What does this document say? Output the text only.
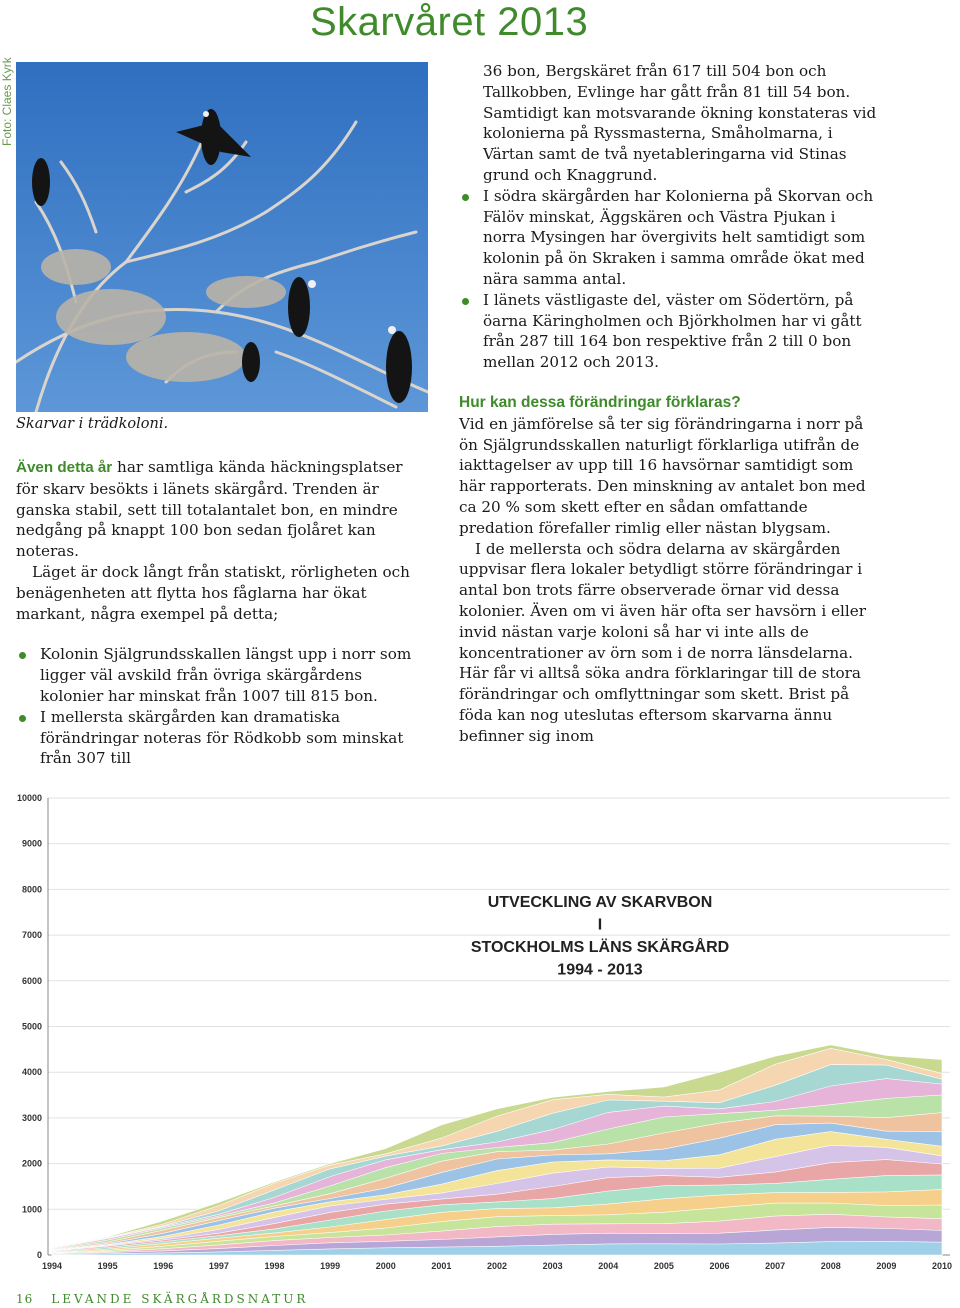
Skarvåret 2013
Foto: Claes Kyrk
Skarvar i trädkoloni.

Även detta år har samtliga kända häckningsplatser för skarv besökts i länets skärgård. Trenden är ganska stabil, sett till totalantalet bon, en mindre nedgång på knappt 100 bon sedan fjolåret kan noteras.

Läget är dock långt från statiskt, rörligheten och benägenheten att flytta hos fåglarna har ökat markant, några exempel på detta;

Kolonin Själgrundsskallen längst upp i norr som ligger väl avskild från övriga skärgårdens kolonier har minskat från 1007 till 815 bon.
I mellersta skärgården kan dramatiska förändringar noteras för Rödkobb som minskat från 307 till

36 bon, Bergskäret från 617 till 504 bon och Tallkobben, Evlinge har gått från 81 till 54 bon. Samtidigt kan motsvarande ökning konstateras vid kolonierna på Ryssmasterna, Småholmarna, i Värtan samt de två nyetableringarna vid Stinas grund och Knaggrund.

I södra skärgården har Kolonierna på Skorvan och Fälöv minskat, Äggskären och Västra Pjukan i norra Mysingen har övergivits helt samtidigt som kolonin på ön Skraken i samma område ökat med nära samma antal.
I länets västligaste del, väster om Södertörn, på öarna Käringholmen och Björkholmen har vi gått från 287 till 164 bon respektive från 2 till 0 bon mellan 2012 och 2013.

Hur kan dessa förändringar förklaras?

Vid en jämförelse så ter sig förändringarna i norr på ön Själgrundsskallen naturligt förklarliga utifrån de iakttagelser av upp till 16 havsörnar samtidigt som här rapporterats. Den minskning av antalet bon med ca 20 % som skett efter en sådan omfattande predation förefaller rimlig eller nästan blygsam.

I de mellersta och södra delarna av skärgården uppvisar flera lokaler betydligt större förändringar i antal bon trots färre observerade örnar vid dessa kolonier. Även om vi även här ofta ser havsörn i eller invid nästan varje koloni så har vi inte alls de koncentrationer av örn som i de norra länsdelarna. Här får vi alltså söka andra förklaringar till de stora förändringar och omflyttningar som skett. Brist på föda kan nog uteslutas eftersom skarvarna ännu befinner sig inom

0
1000
2000
3000
4000
5000
6000
7000
8000
9000
10000
1994	1995	1996	1997	1998	1999	2000	2001	2002	2003	2004	2005	2006	2007	2008	2009	2010
UTVECKLING AV SKARVBON
I
STOCKHOLMS LÄNS SKÄRGÅRD
1994 - 2013
16 LEVANDE SKÄRGÅRDSNATUR
